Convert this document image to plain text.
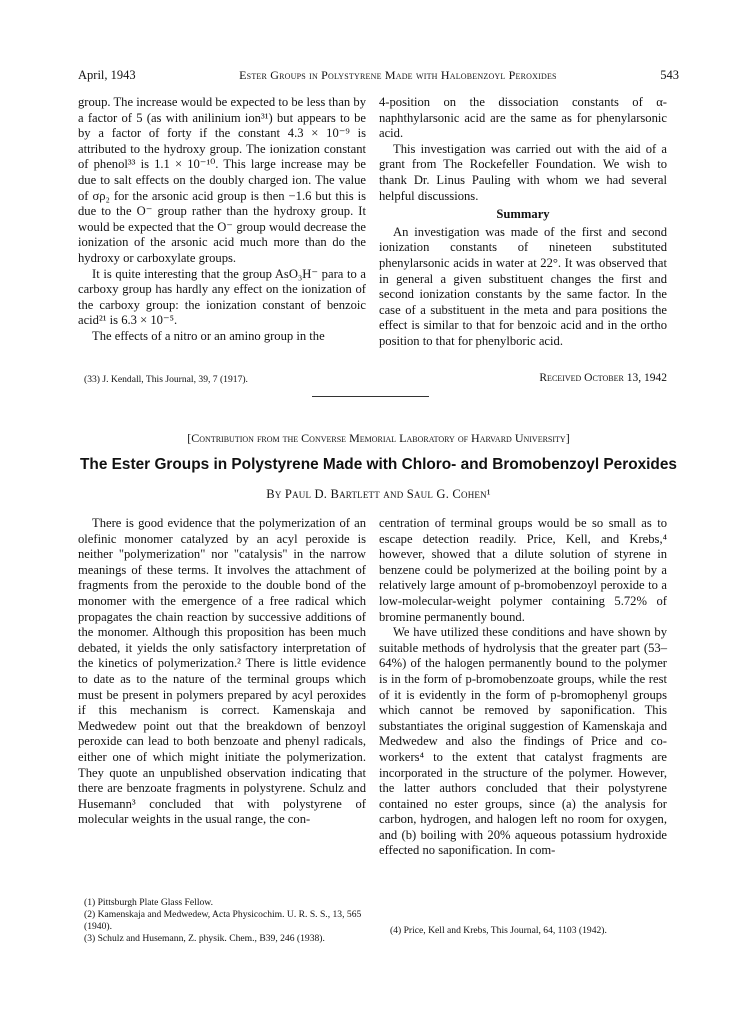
April, 1943	Ester Groups in Polystyrene Made with Halobenzoyl Peroxides	543

group. The increase would be expected to be less than by a factor of 5 (as with anilinium ion³¹) but appears to be by a factor of forty if the constant 4.3 × 10⁻⁹ is attributed to the hydroxy group. The ionization constant of phenol³³ is 1.1 × 10⁻¹⁰. This large increase may be due to salt effects on the doubly charged ion. The value of σρ₂ for the arsonic acid group is then −1.6 but this is due to the O⁻ group rather than the hydroxy group. It would be expected that the O⁻ group would decrease the ionization of the arsonic acid much more than do the hydroxy or carboxylate groups.

It is quite interesting that the group AsO₃H⁻ para to a carboxy group has hardly any effect on the ionization of the carboxy group: the ionization constant of benzoic acid²¹ is 6.3 × 10⁻⁵.

The effects of a nitro or an amino group in the

4-position on the dissociation constants of α-naphthylarsonic acid are the same as for phenylarsonic acid.

This investigation was carried out with the aid of a grant from The Rockefeller Foundation. We wish to thank Dr. Linus Pauling with whom we had several helpful discussions.

Summary

An investigation was made of the first and second ionization constants of nineteen substituted phenylarsonic acids in water at 22°. It was observed that in general a given substituent changes the first and second ionization constants by the same factor. In the case of a substituent in the meta and para positions the effect is similar to that for benzoic acid and in the ortho position to that for phenylboric acid.

(33) J. Kendall, This Journal, 39, 7 (1917).	Received October 13, 1942
[Contribution from the Converse Memorial Laboratory of Harvard University]
The Ester Groups in Polystyrene Made with Chloro- and Bromobenzoyl Peroxides
By Paul D. Bartlett and Saul G. Cohen¹

There is good evidence that the polymerization of an olefinic monomer catalyzed by an acyl peroxide is neither "polymerization" nor "catalysis" in the narrow meanings of these terms. It involves the attachment of fragments from the peroxide to the double bond of the monomer with the emergence of a free radical which propagates the chain reaction by successive additions of the monomer. Although this proposition has been much debated, it yields the only satisfactory interpretation of the kinetics of polymerization.² There is little evidence to date as to the nature of the terminal groups which must be present in polymers prepared by acyl peroxides if this mechanism is correct. Kamenskaja and Medwedew point out that the breakdown of benzoyl peroxide can lead to both benzoate and phenyl radicals, either one of which might initiate the polymerization. They quote an unpublished observation indicating that there are benzoate fragments in polystyrene. Schulz and Husemann³ concluded that with polystyrene of molecular weights in the usual range, the con-

centration of terminal groups would be so small as to escape detection readily. Price, Kell, and Krebs,⁴ however, showed that a dilute solution of styrene in benzene could be polymerized at the boiling point by a relatively large amount of p-bromobenzoyl peroxide to a low-molecular-weight polymer containing 5.72% of bromine permanently bound.

We have utilized these conditions and have shown by suitable methods of hydrolysis that the greater part (53–64%) of the halogen permanently bound to the polymer is in the form of p-bromobenzoate groups, while the rest of it is evidently in the form of p-bromophenyl groups which cannot be removed by saponification. This substantiates the original suggestion of Kamenskaja and Medwedew and also the findings of Price and co-workers⁴ to the extent that catalyst fragments are incorporated in the structure of the polymer. However, the latter authors concluded that their polystyrene contained no ester groups, since (a) the analysis for carbon, hydrogen, and halogen left no room for oxygen, and (b) boiling with 20% aqueous potassium hydroxide effected no saponification. In com-

(1) Pittsburgh Plate Glass Fellow.
(2) Kamenskaja and Medwedew, Acta Physicochim. U. R. S. S., 13, 565 (1940).
(3) Schulz and Husemann, Z. physik. Chem., B39, 246 (1938).
(4) Price, Kell and Krebs, This Journal, 64, 1103 (1942).
